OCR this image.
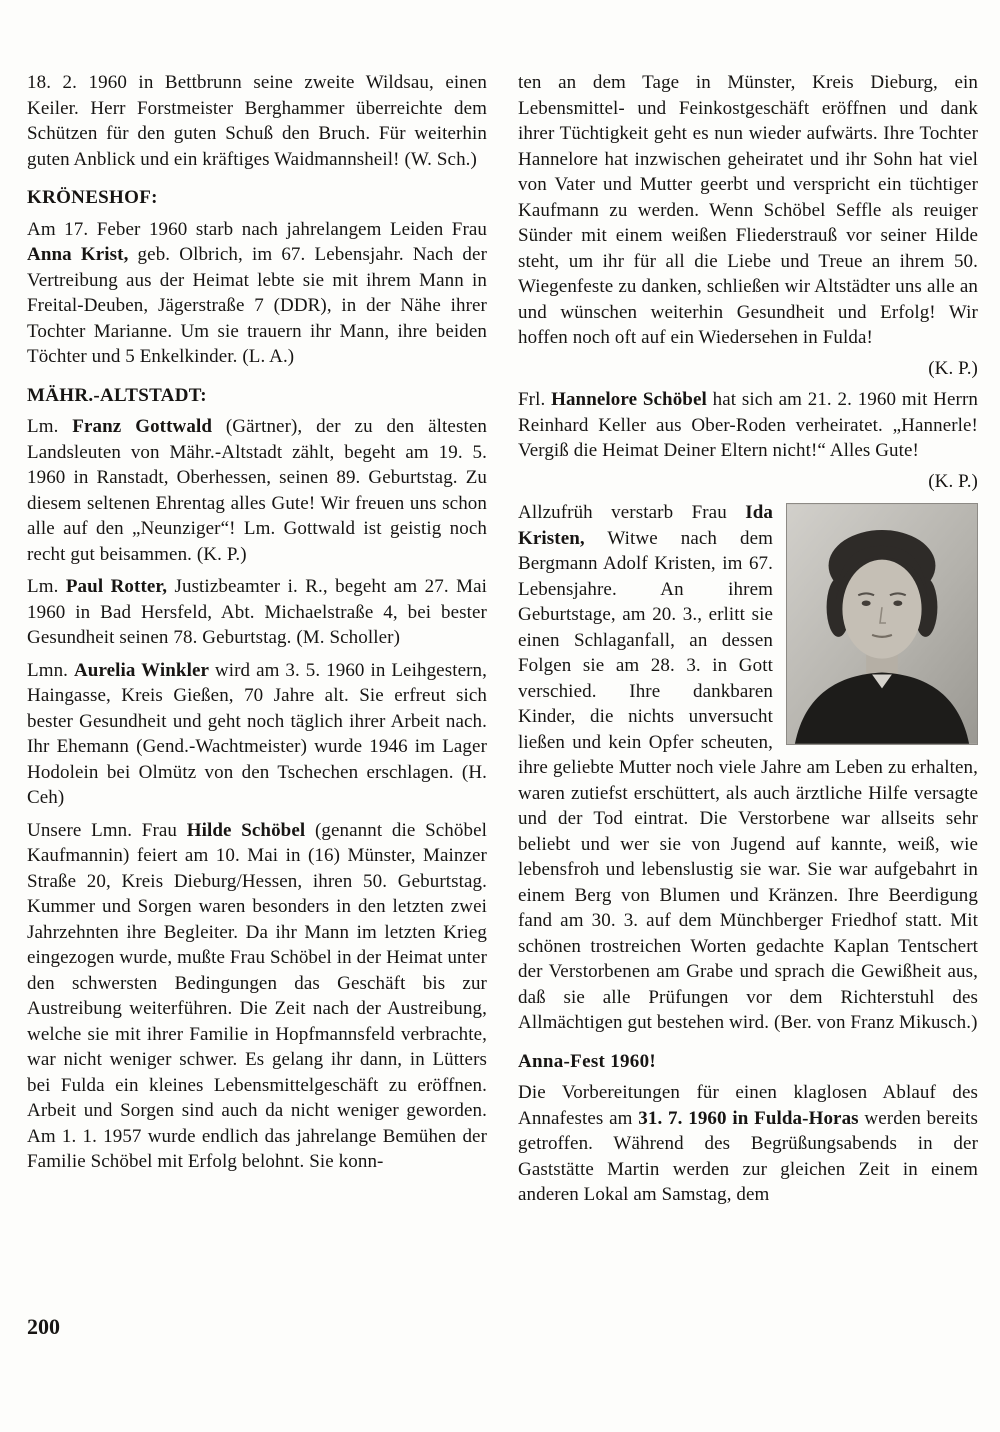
18. 2. 1960 in Bettbrunn seine zweite Wildsau, einen Keiler. Herr Forstmeister Berghammer überreichte dem Schützen für den guten Schuß den Bruch. Für weiterhin guten Anblick und ein kräftiges Waidmannsheil! (W. Sch.)

KRÖNESHOF:

Am 17. Feber 1960 starb nach jahrelangem Leiden Frau Anna Krist, geb. Olbrich, im 67. Lebensjahr. Nach der Vertreibung aus der Heimat lebte sie mit ihrem Mann in Freital-Deuben, Jägerstraße 7 (DDR), in der Nähe ihrer Tochter Marianne. Um sie trauern ihr Mann, ihre beiden Töchter und 5 Enkelkinder. (L. A.)

MÄHR.-ALTSTADT:

Lm. Franz Gottwald (Gärtner), der zu den ältesten Landsleuten von Mähr.-Altstadt zählt, begeht am 19. 5. 1960 in Ranstadt, Oberhessen, seinen 89. Geburtstag. Zu diesem seltenen Ehrentag alles Gute! Wir freuen uns schon alle auf den „Neunziger“! Lm. Gottwald ist geistig noch recht gut beisammen. (K. P.)

Lm. Paul Rotter, Justizbeamter i. R., begeht am 27. Mai 1960 in Bad Hersfeld, Abt. Michaelstraße 4, bei bester Gesundheit seinen 78. Geburtstag. (M. Scholler)

Lmn. Aurelia Winkler wird am 3. 5. 1960 in Leihgestern, Haingasse, Kreis Gießen, 70 Jahre alt. Sie erfreut sich bester Gesundheit und geht noch täglich ihrer Arbeit nach. Ihr Ehemann (Gend.-Wachtmeister) wurde 1946 im Lager Hodolein bei Olmütz von den Tschechen erschlagen. (H. Ceh)

Unsere Lmn. Frau Hilde Schöbel (genannt die Schöbel Kaufmannin) feiert am 10. Mai in (16) Münster, Mainzer Straße 20, Kreis Dieburg/Hessen, ihren 50. Geburtstag. Kummer und Sorgen waren besonders in den letzten zwei Jahrzehnten ihre Begleiter. Da ihr Mann im letzten Krieg eingezogen wurde, mußte Frau Schöbel in der Heimat unter den schwersten Bedingungen das Geschäft bis zur Austreibung weiterführen. Die Zeit nach der Austreibung, welche sie mit ihrer Familie in Hopfmannsfeld verbrachte, war nicht weniger schwer. Es gelang ihr dann, in Lütters bei Fulda ein kleines Lebensmittelgeschäft zu eröffnen. Arbeit und Sorgen sind auch da nicht weniger geworden. Am 1. 1. 1957 wurde endlich das jahrelange Bemühen der Familie Schöbel mit Erfolg belohnt. Sie konn-

ten an dem Tage in Münster, Kreis Dieburg, ein Lebensmittel- und Feinkostgeschäft eröffnen und dank ihrer Tüchtigkeit geht es nun wieder aufwärts. Ihre Tochter Hannelore hat inzwischen geheiratet und ihr Sohn hat viel von Vater und Mutter geerbt und verspricht ein tüchtiger Kaufmann zu werden. Wenn Schöbel Seffle als reuiger Sünder mit einem weißen Fliederstrauß vor seiner Hilde steht, um ihr für all die Liebe und Treue an ihrem 50. Wiegenfeste zu danken, schließen wir Altstädter uns alle an und wünschen weiterhin Gesundheit und Erfolg! Wir hoffen noch oft auf ein Wiedersehen in Fulda!

(K. P.)

Frl. Hannelore Schöbel hat sich am 21. 2. 1960 mit Herrn Reinhard Keller aus Ober-Roden verheiratet. „Hannerle! Vergiß die Heimat Deiner Eltern nicht!“ Alles Gute!

(K. P.)

Allzufrüh verstarb Frau Ida Kristen, Witwe nach dem Bergmann Adolf Kristen, im 67. Lebensjahre. An ihrem Geburtstage, am 20. 3., erlitt sie einen Schlaganfall, an dessen Folgen sie am 28. 3. in Gott verschied. Ihre dankbaren Kinder, die nichts unversucht ließen und kein Opfer scheuten, ihre geliebte Mutter noch viele Jahre am Leben zu erhalten, waren zutiefst erschüttert, als auch ärztliche Hilfe versagte und der Tod eintrat. Die Verstorbene war allseits sehr beliebt und wer sie von Jugend auf kannte, weiß, wie lebensfroh und lebenslustig sie war. Sie war aufgebahrt in einem Berg von Blumen und Kränzen. Ihre Beerdigung fand am 30. 3. auf dem Münchberger Friedhof statt. Mit schönen trostreichen Worten gedachte Kaplan Tentschert der Verstorbenen am Grabe und sprach die Gewißheit aus, daß sie alle Prüfungen vor dem Richterstuhl des Allmächtigen gut bestehen wird. (Ber. von Franz Mikusch.)

Anna-Fest 1960!

Die Vorbereitungen für einen klaglosen Ablauf des Annafestes am 31. 7. 1960 in Fulda-Horas werden bereits getroffen. Während des Begrüßungsabends in der Gaststätte Martin werden zur gleichen Zeit in einem anderen Lokal am Samstag, dem

200
